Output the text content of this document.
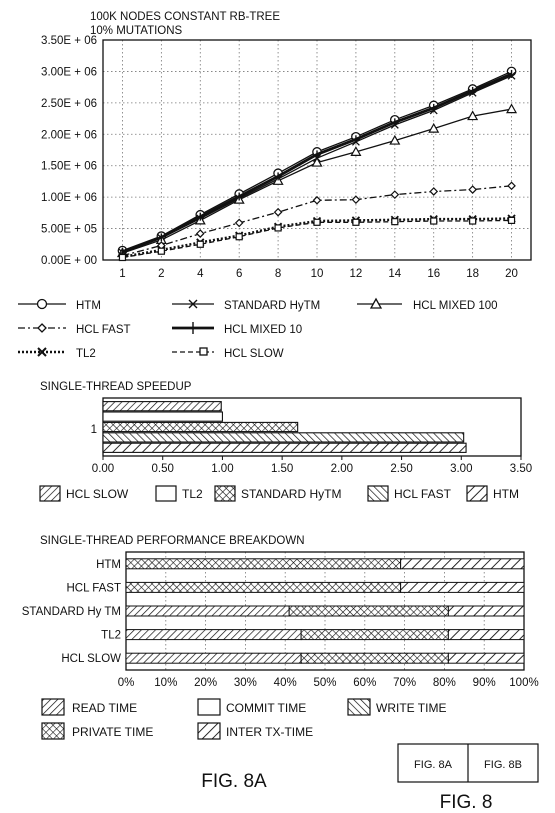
100K NODES CONSTANT RB-TREE
10% MUTATIONS
0.00E + 00
5.00E + 05
1.00E + 06
1.50E + 06
2.00E + 06
2.50E + 06
3.00E + 06
3.50E + 06
1	2	4	6	8	10 12 14 16 18 20
HTM	STANDARD HyTM	HCL MIXED 100
HCL FAST	HCL MIXED 10
TL2	HCL SLOW
SINGLE-THREAD SPEEDUP
1
0.00	0.50	1.00	1.50	2.00	2.50	3.00	3.50
HCL SLOW	TL2	STANDARD HyTM	HCL FAST	HTM
SINGLE-THREAD PERFORMANCE BREAKDOWN
HTM
HCL FAST
STANDARD Hy TM
TL2
HCL SLOW
0% 10% 20% 30% 40% 50% 60% 70% 80% 90% 100%
READ TIME	COMMIT TIME	WRITE TIME
PRIVATE TIME	INTER TX-TIME
FIG. 8A
FIG. 8A	FIG. 8B
FIG. 8
